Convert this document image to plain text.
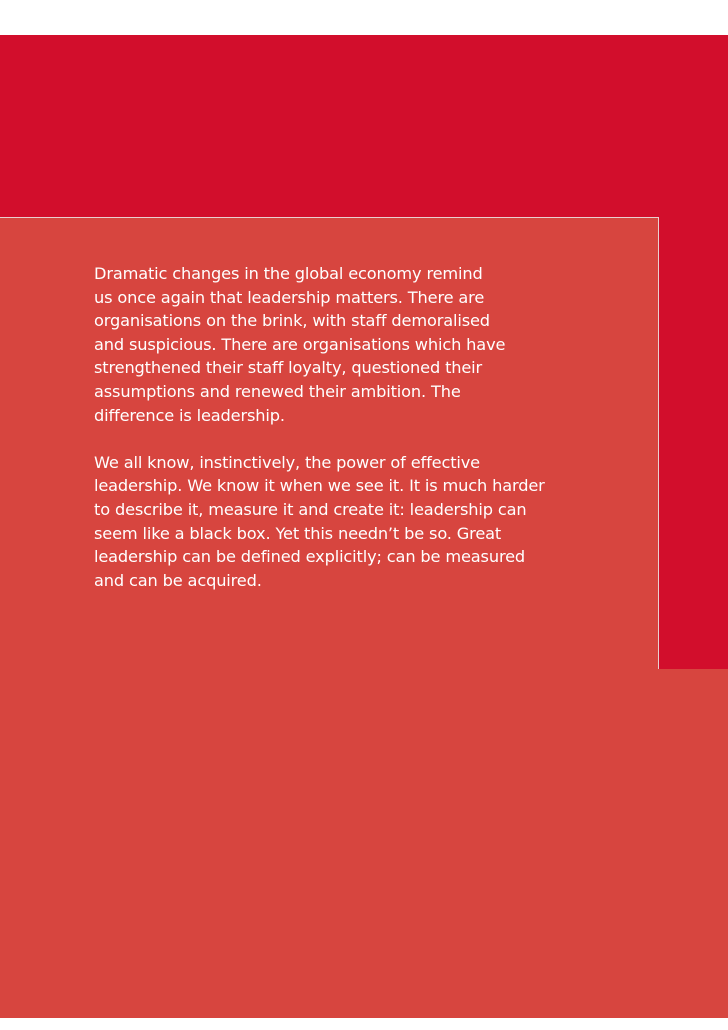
Dramatic changes in the global economy remind
us once again that leadership matters. There are
organisations on the brink, with staff demoralised
and suspicious. There are organisations which have
strengthened their staff loyalty, questioned their
assumptions and renewed their ambition. The
difference is leadership.

We all know, instinctively, the power of effective
leadership. We know it when we see it. It is much harder
to describe it, measure it and create it: leadership can
seem like a black box. Yet this needn’t be so. Great
leadership can be defined explicitly; can be measured
and can be acquired.
